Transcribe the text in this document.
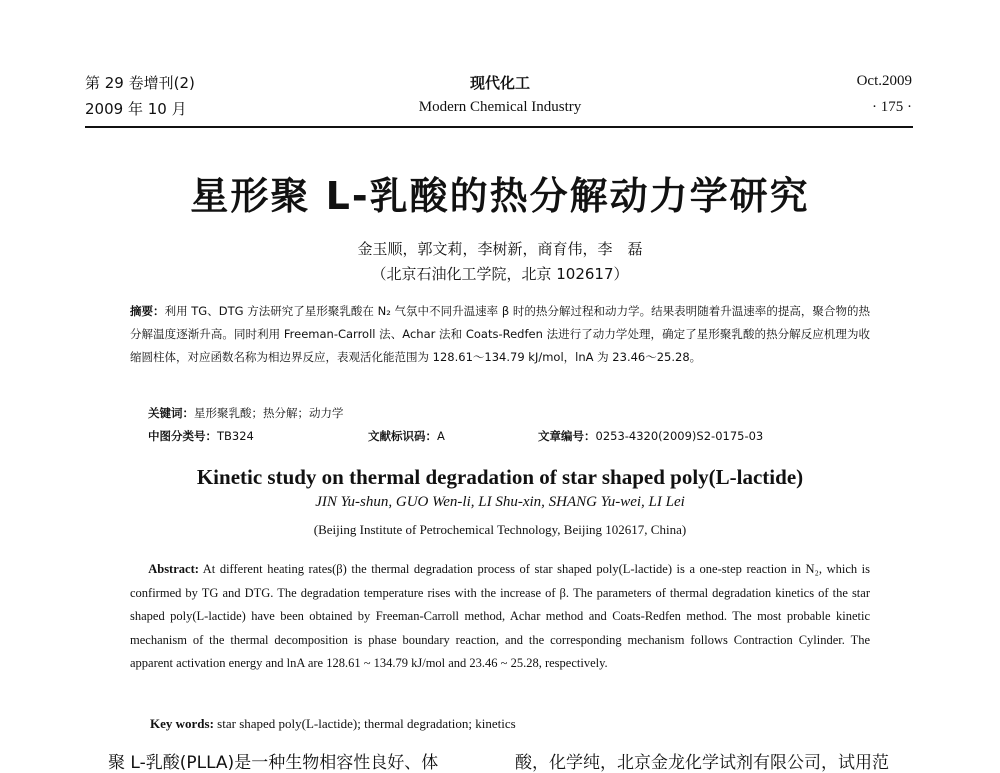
第 29 卷增刊(2)
2009 年 10 月
现代化工
Modern Chemical Industry
Oct.2009
· 175 ·
星形聚 L-乳酸的热分解动力学研究
金玉顺，郭文莉，李树新，商育伟，李　磊
（北京石油化工学院，北京 102617）
摘要：利用 TG、DTG 方法研究了星形聚乳酸在 N₂ 气氛中不同升温速率 β 时的热分解过程和动力学。结果表明随着升温速率的提高，聚合物的热分解温度逐渐升高。同时利用 Freeman-Carroll 法、Achar 法和 Coats-Redfen 法进行了动力学处理，确定了星形聚乳酸的热分解反应机理为收缩圆柱体，对应函数名称为相边界反应，表观活化能范围为 128.61～134.79 kJ/mol，lnA 为 23.46～25.28。
关键词：星形聚乳酸；热分解；动力学
中图分类号：TB324	文献标识码：A	文章编号：0253-4320(2009)S2-0175-03
Kinetic study on thermal degradation of star shaped poly(L-lactide)
JIN Yu-shun, GUO Wen-li, LI Shu-xin, SHANG Yu-wei, LI Lei
(Beijing Institute of Petrochemical Technology, Beijing 102617, China)
Abstract: At different heating rates(β) the thermal degradation process of star shaped poly(L-lactide) is a one-step reaction in N₂, which is confirmed by TG and DTG. The degradation temperature rises with the increase of β. The parameters of thermal degradation kinetics of the star shaped poly(L-lactide) have been obtained by Freeman-Carroll method, Achar method and Coats-Redfen method. The most probable kinetic mechanism of the thermal decomposition is phase boundary reaction, and the corresponding mechanism follows Contraction Cylinder. The apparent activation energy and lnA are 128.61 ~ 134.79 kJ/mol and 23.46 ~ 25.28, respectively.
Key words: star shaped poly(L-lactide); thermal degradation; kinetics
聚 L-乳酸(PLLA)是一种生物相容性良好、体	酸，化学纯，北京金龙化学试剂有限公司，试用范
